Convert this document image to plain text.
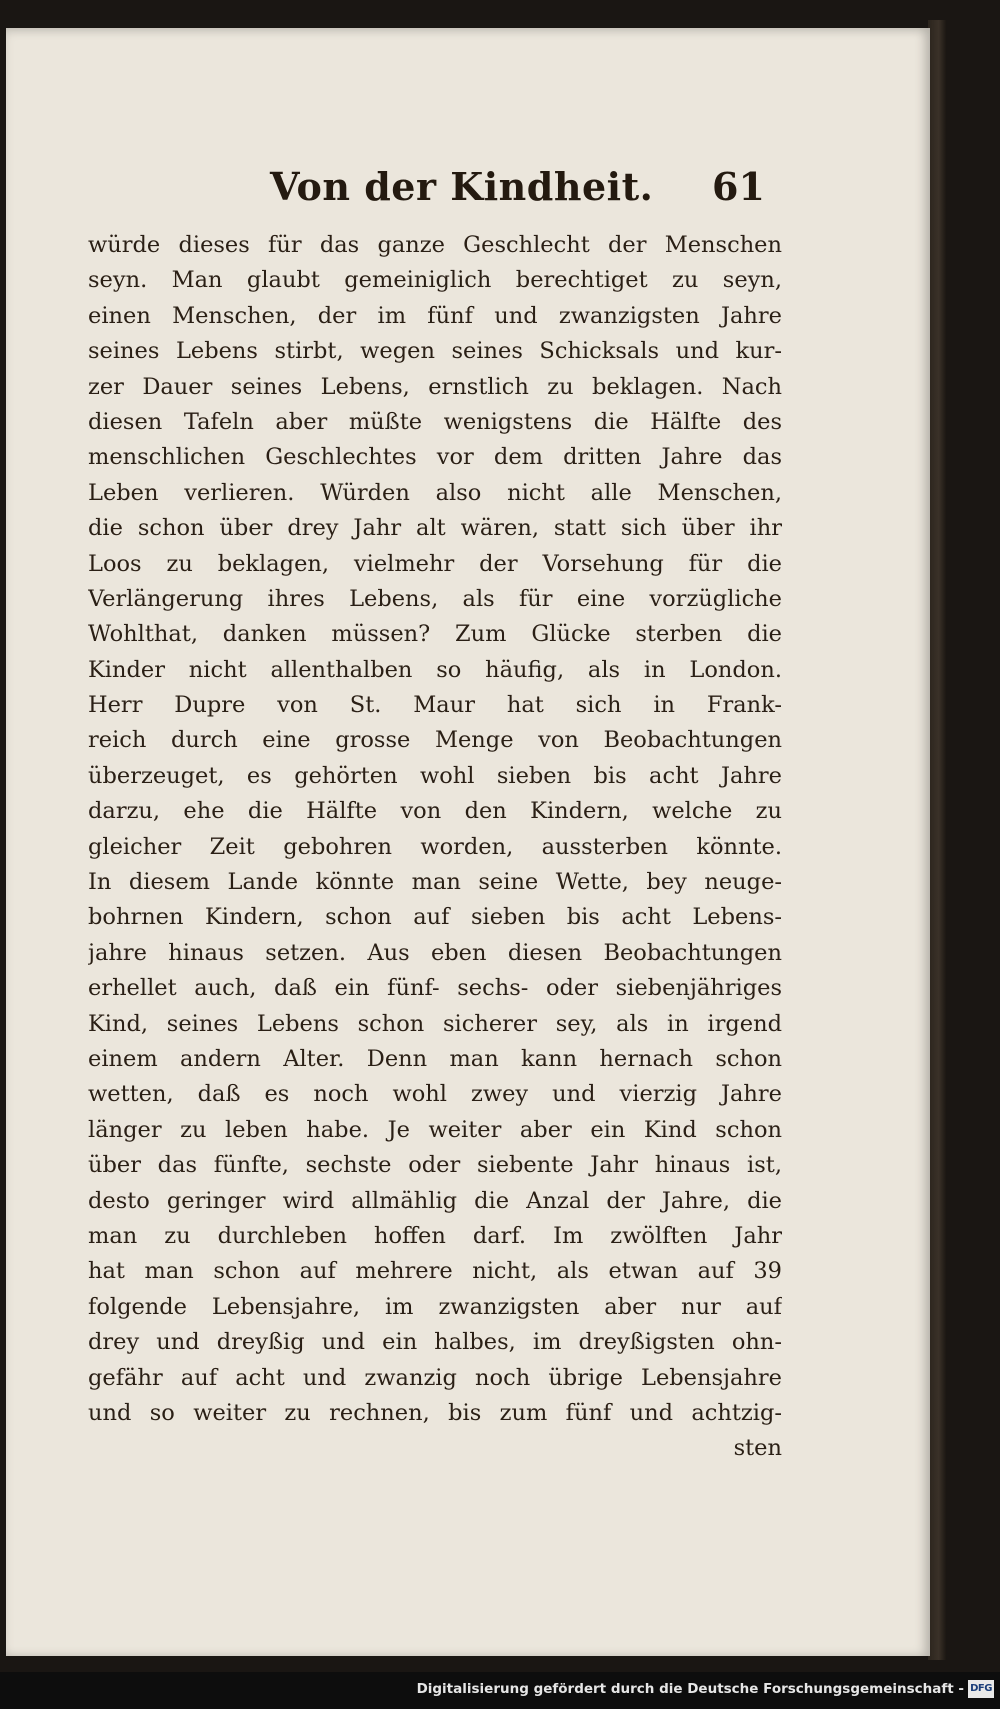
Von der Kindheit. 61
würde dieses für das ganze Geschlecht der Menschen
seyn. Man glaubt gemeiniglich berechtiget zu seyn,
einen Menschen, der im fünf und zwanzigsten Jahre
seines Lebens stirbt, wegen seines Schicksals und kur-
zer Dauer seines Lebens, ernstlich zu beklagen. Nach
diesen Tafeln aber müßte wenigstens die Hälfte des
menschlichen Geschlechtes vor dem dritten Jahre das
Leben verlieren. Würden also nicht alle Menschen,
die schon über drey Jahr alt wären, statt sich über ihr
Loos zu beklagen, vielmehr der Vorsehung für die
Verlängerung ihres Lebens, als für eine vorzügliche
Wohlthat, danken müssen? Zum Glücke sterben die
Kinder nicht allenthalben so häufig, als in London.
Herr Dupre von St. Maur hat sich in Frank-
reich durch eine grosse Menge von Beobachtungen
überzeuget, es gehörten wohl sieben bis acht Jahre
darzu, ehe die Hälfte von den Kindern, welche zu
gleicher Zeit gebohren worden, aussterben könnte.
In diesem Lande könnte man seine Wette, bey neuge-
bohrnen Kindern, schon auf sieben bis acht Lebens-
jahre hinaus setzen. Aus eben diesen Beobachtungen
erhellet auch, daß ein fünf- sechs- oder siebenjähriges
Kind, seines Lebens schon sicherer sey, als in irgend
einem andern Alter. Denn man kann hernach schon
wetten, daß es noch wohl zwey und vierzig Jahre
länger zu leben habe. Je weiter aber ein Kind schon
über das fünfte, sechste oder siebente Jahr hinaus ist,
desto geringer wird allmählig die Anzal der Jahre, die
man zu durchleben hoffen darf. Im zwölften Jahr
hat man schon auf mehrere nicht, als etwan auf 39
folgende Lebensjahre, im zwanzigsten aber nur auf
drey und dreyßig und ein halbes, im dreyßigsten ohn-
gefähr auf acht und zwanzig noch übrige Lebensjahre
und so weiter zu rechnen, bis zum fünf und achtzig-
sten
Digitalisierung gefördert durch die Deutsche Forschungsgemeinschaft - DFG
